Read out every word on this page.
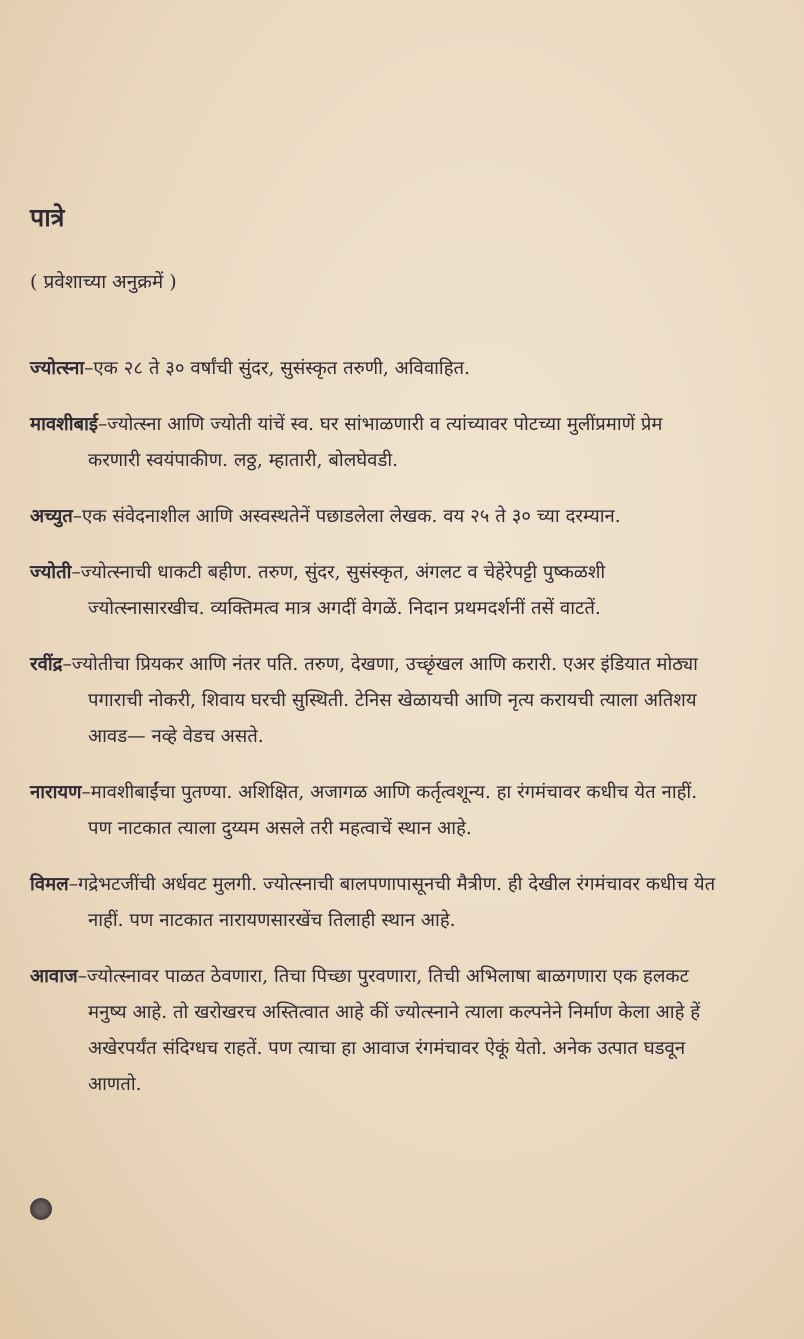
पात्रे
( प्रवेशाच्या अनुक्रमें )

ज्योत्स्ना–एक २८ ते ३० वर्षांची सुंदर, सुसंस्कृत तरुणी, अविवाहित.

मावशीबाई–ज्योत्स्ना आणि ज्योती यांचें स्व. घर सांभाळणारी व त्यांच्यावर पोटच्या मुलींप्रमाणें प्रेम करणारी स्वयंपाकीण. लठ्ठ, म्हातारी, बोलघेवडी.

अच्युत–एक संवेदनाशील आणि अस्वस्थतेनें पछाडलेला लेखक. वय २५ ते ३० च्या दरम्यान.

ज्योती–ज्योत्स्नाची धाकटी बहीण. तरुण, सुंदर, सुसंस्कृत, अंगलट व चेहेरेपट्टी पुष्कळशी ज्योत्स्नासारखीच. व्यक्तिमत्व मात्र अगदीं वेगळें. निदान प्रथमदर्शनीं तसें वाटतें.

रवींद्र–ज्योतीचा प्रियकर आणि नंतर पति. तरुण, देखणा, उच्छृंखल आणि करारी. एअर इंडियात मोठ्या पगाराची नोकरी, शिवाय घरची सुस्थिती. टेनिस खेळायची आणि नृत्य करायची त्याला अतिशय आवड— नव्हे वेडच असते.

नारायण–मावशीबाईंचा पुतण्या. अशिक्षित, अजागळ आणि कर्तृत्वशून्य. हा रंगमंचावर कधीच येत नाहीं. पण नाटकात त्याला दुय्यम असले तरी महत्वाचें स्थान आहे.

विमल–गद्रेभटजींची अर्धवट मुलगी. ज्योत्स्नाची बालपणापासूनची मैत्रीण. ही देखील रंगमंचावर कधीच येत नाहीं. पण नाटकात नारायणसारखेंच तिलाही स्थान आहे.

आवाज–ज्योत्स्नावर पाळत ठेवणारा, तिचा पिच्छा पुरवणारा, तिची अभिलाषा बाळगणारा एक हलकट मनुष्य आहे. तो खरोखरच अस्तित्वात आहे कीं ज्योत्स्नाने त्याला कल्पनेने निर्माण केला आहे हें अखेरपर्यंत संदिग्धच राहतें. पण त्याचा हा आवाज रंगमंचावर ऐकूं येतो. अनेक उत्पात घडवून आणतो.
